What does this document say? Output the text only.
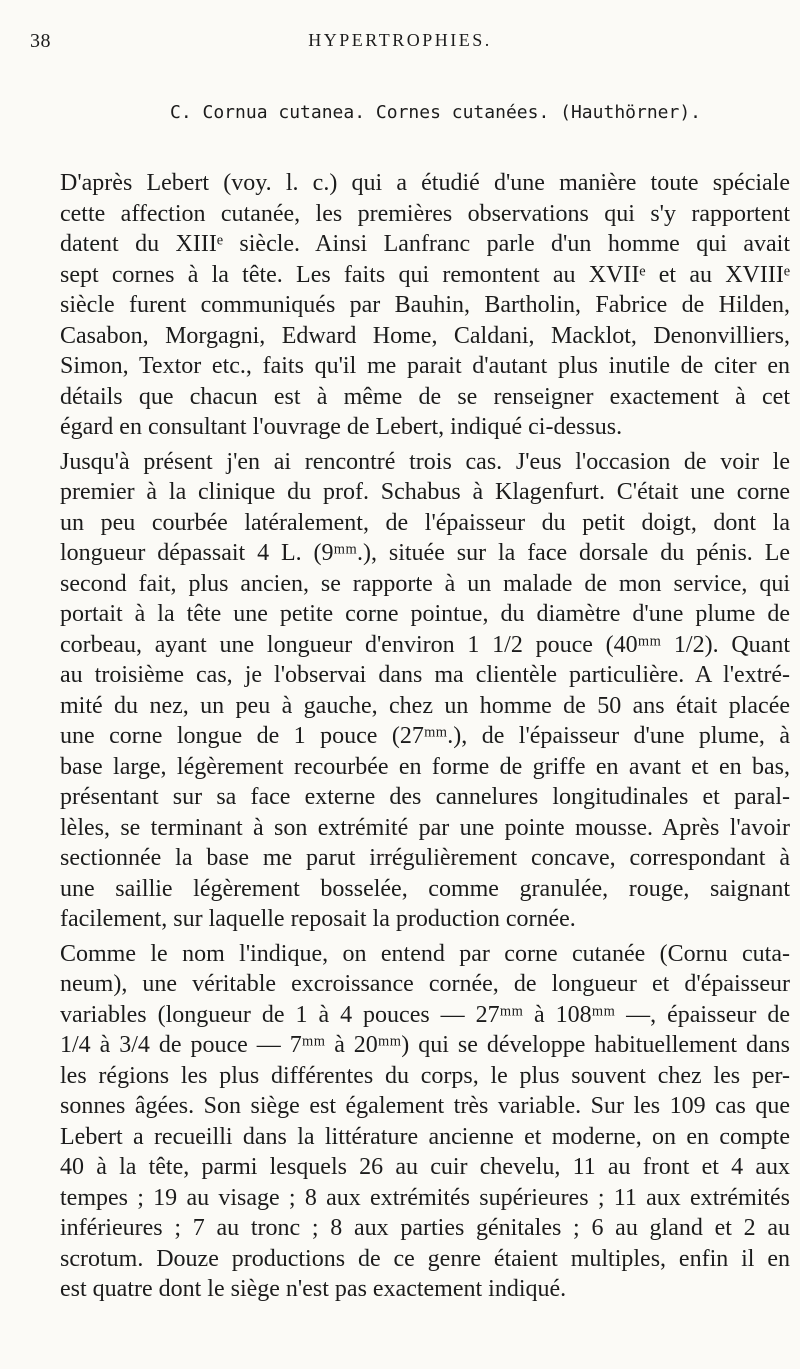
38	HYPERTROPHIES.
C. Cornua cutanea. Cornes cutanées. (Hauthörner).

D'après Lebert (voy. l. c.) qui a étudié d'une manière toute spéciale
cette affection cutanée, les premières observations qui s'y rapportent
datent du XIIIᵉ siècle. Ainsi Lanfranc parle d'un homme qui avait
sept cornes à la tête. Les faits qui remontent au XVIIᵉ et au XVIIIᵉ
siècle furent communiqués par Bauhin, Bartholin, Fabrice de Hilden,
Casabon, Morgagni, Edward Home, Caldani, Macklot, Denonvilliers,
Simon, Textor etc., faits qu'il me parait d'autant plus inutile de citer en
détails que chacun est à même de se renseigner exactement à cet
égard en consultant l'ouvrage de Lebert, indiqué ci-dessus.

Jusqu'à présent j'en ai rencontré trois cas. J'eus l'occasion de voir le
premier à la clinique du prof. Schabus à Klagenfurt. C'était une corne
un peu courbée latéralement, de l'épaisseur du petit doigt, dont la
longueur dépassait 4 L. (9ᵐᵐ.), située sur la face dorsale du pénis. Le
second fait, plus ancien, se rapporte à un malade de mon service, qui
portait à la tête une petite corne pointue, du diamètre d'une plume de
corbeau, ayant une longueur d'environ 1 1/2 pouce (40ᵐᵐ 1/2). Quant
au troisième cas, je l'observai dans ma clientèle particulière. A l'extré-
mité du nez, un peu à gauche, chez un homme de 50 ans était placée
une corne longue de 1 pouce (27ᵐᵐ.), de l'épaisseur d'une plume, à
base large, légèrement recourbée en forme de griffe en avant et en bas,
présentant sur sa face externe des cannelures longitudinales et paral-
lèles, se terminant à son extrémité par une pointe mousse. Après l'avoir
sectionnée la base me parut irrégulièrement concave, correspondant à
une saillie légèrement bosselée, comme granulée, rouge, saignant
facilement, sur laquelle reposait la production cornée.

Comme le nom l'indique, on entend par corne cutanée (Cornu cuta-
neum), une véritable excroissance cornée, de longueur et d'épaisseur
variables (longueur de 1 à 4 pouces — 27ᵐᵐ à 108ᵐᵐ —, épaisseur de
1/4 à 3/4 de pouce — 7ᵐᵐ à 20ᵐᵐ) qui se développe habituellement dans
les régions les plus différentes du corps, le plus souvent chez les per-
sonnes âgées. Son siège est également très variable. Sur les 109 cas que
Lebert a recueilli dans la littérature ancienne et moderne, on en compte
40 à la tête, parmi lesquels 26 au cuir chevelu, 11 au front et 4 aux
tempes ; 19 au visage ; 8 aux extrémités supérieures ; 11 aux extrémités
inférieures ; 7 au tronc ; 8 aux parties génitales ; 6 au gland et 2 au
scrotum. Douze productions de ce genre étaient multiples, enfin il en
est quatre dont le siège n'est pas exactement indiqué.
